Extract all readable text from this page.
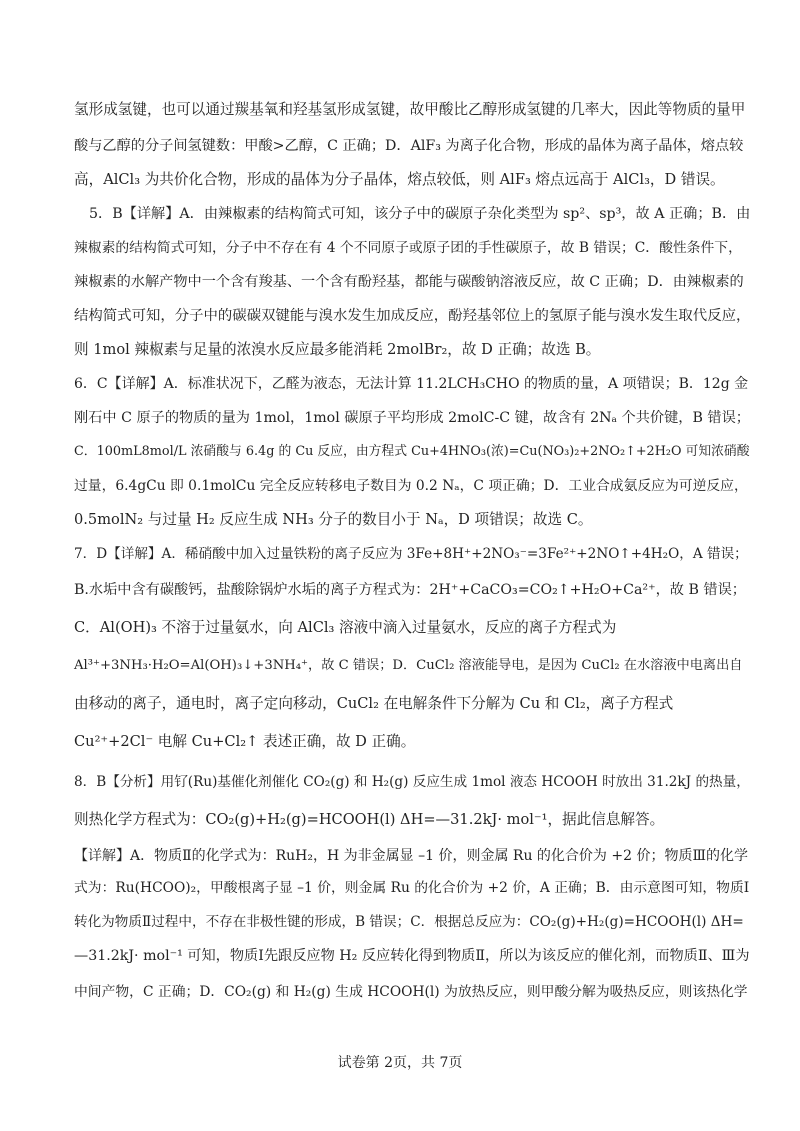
氢形成氢键，也可以通过羰基氧和羟基氢形成氢键，故甲酸比乙醇形成氢键的几率大，因此等物质的量甲
酸与乙醇的分子间氢键数：甲酸>乙醇，C 正确；D．AlF₃ 为离子化合物，形成的晶体为离子晶体，熔点较
高，AlCl₃ 为共价化合物，形成的晶体为分子晶体，熔点较低，则 AlF₃ 熔点远高于 AlCl₃，D 错误。
5．B【详解】A．由辣椒素的结构简式可知，该分子中的碳原子杂化类型为 sp²、sp³，故 A 正确；B．由
辣椒素的结构简式可知，分子中不存在有 4 个不同原子或原子团的手性碳原子，故 B 错误；C．酸性条件下，
辣椒素的水解产物中一个含有羧基、一个含有酚羟基，都能与碳酸钠溶液反应，故 C 正确；D．由辣椒素的
结构简式可知，分子中的碳碳双键能与溴水发生加成反应，酚羟基邻位上的氢原子能与溴水发生取代反应，
则 1mol 辣椒素与足量的浓溴水反应最多能消耗 2molBr₂，故 D 正确；故选 B。
6．C【详解】A．标准状况下，乙醛为液态，无法计算 11.2LCH₃CHO 的物质的量，A 项错误；B．12g 金
刚石中 C 原子的物质的量为 1mol，1mol 碳原子平均形成 2molC-C 键，故含有 2Nₐ 个共价键，B 错误；
C．100mL8mol/L 浓硝酸与 6.4g 的 Cu 反应，由方程式 Cu+4HNO₃(浓)=Cu(NO₃)₂+2NO₂↑+2H₂O 可知浓硝酸
过量，6.4gCu 即 0.1molCu 完全反应转移电子数目为 0.2 Nₐ，C 项正确；D．工业合成氨反应为可逆反应，
0.5molN₂ 与过量 H₂ 反应生成 NH₃ 分子的数目小于 Nₐ，D 项错误；故选 C。
7．D【详解】A．稀硝酸中加入过量铁粉的离子反应为 3Fe+8H⁺+2NO₃⁻=3Fe²⁺+2NO↑+4H₂O，A 错误；
B.水垢中含有碳酸钙，盐酸除锅炉水垢的离子方程式为：2H⁺+CaCO₃=CO₂↑+H₂O+Ca²⁺，故 B 错误；
C．Al(OH)₃ 不溶于过量氨水，向 AlCl₃ 溶液中滴入过量氨水，反应的离子方程式为
Al³⁺+3NH₃·H₂O=Al(OH)₃↓+3NH₄⁺，故 C 错误；D．CuCl₂ 溶液能导电，是因为 CuCl₂ 在水溶液中电离出自
由移动的离子，通电时，离子定向移动，CuCl₂ 在电解条件下分解为 Cu 和 Cl₂，离子方程式
Cu²⁺+2Cl⁻ 电解 Cu+Cl₂↑ 表述正确，故 D 正确。
8．B【分析】用钌(Ru)基催化剂催化 CO₂(g) 和 H₂(g) 反应生成 1mol 液态 HCOOH 时放出 31.2kJ 的热量，
则热化学方程式为：CO₂(g)+H₂(g)=HCOOH(l) ΔH=—31.2kJ· mol⁻¹，据此信息解答。
【详解】A．物质Ⅱ的化学式为：RuH₂，H 为非金属显 –1 价，则金属 Ru 的化合价为 +2 价；物质Ⅲ的化学
式为：Ru(HCOO)₂，甲酸根离子显 –1 价，则金属 Ru 的化合价为 +2 价，A 正确；B．由示意图可知，物质Ⅰ
转化为物质Ⅱ过程中，不存在非极性键的形成，B 错误；C．根据总反应为：CO₂(g)+H₂(g)=HCOOH(l) ΔH=
—31.2kJ· mol⁻¹ 可知，物质Ⅰ先跟反应物 H₂ 反应转化得到物质Ⅱ，所以为该反应的催化剂，而物质Ⅱ、Ⅲ为
中间产物，C 正确；D．CO₂(g) 和 H₂(g) 生成 HCOOH(l) 为放热反应，则甲酸分解为吸热反应，则该热化学
试卷第 2页，共 7页
